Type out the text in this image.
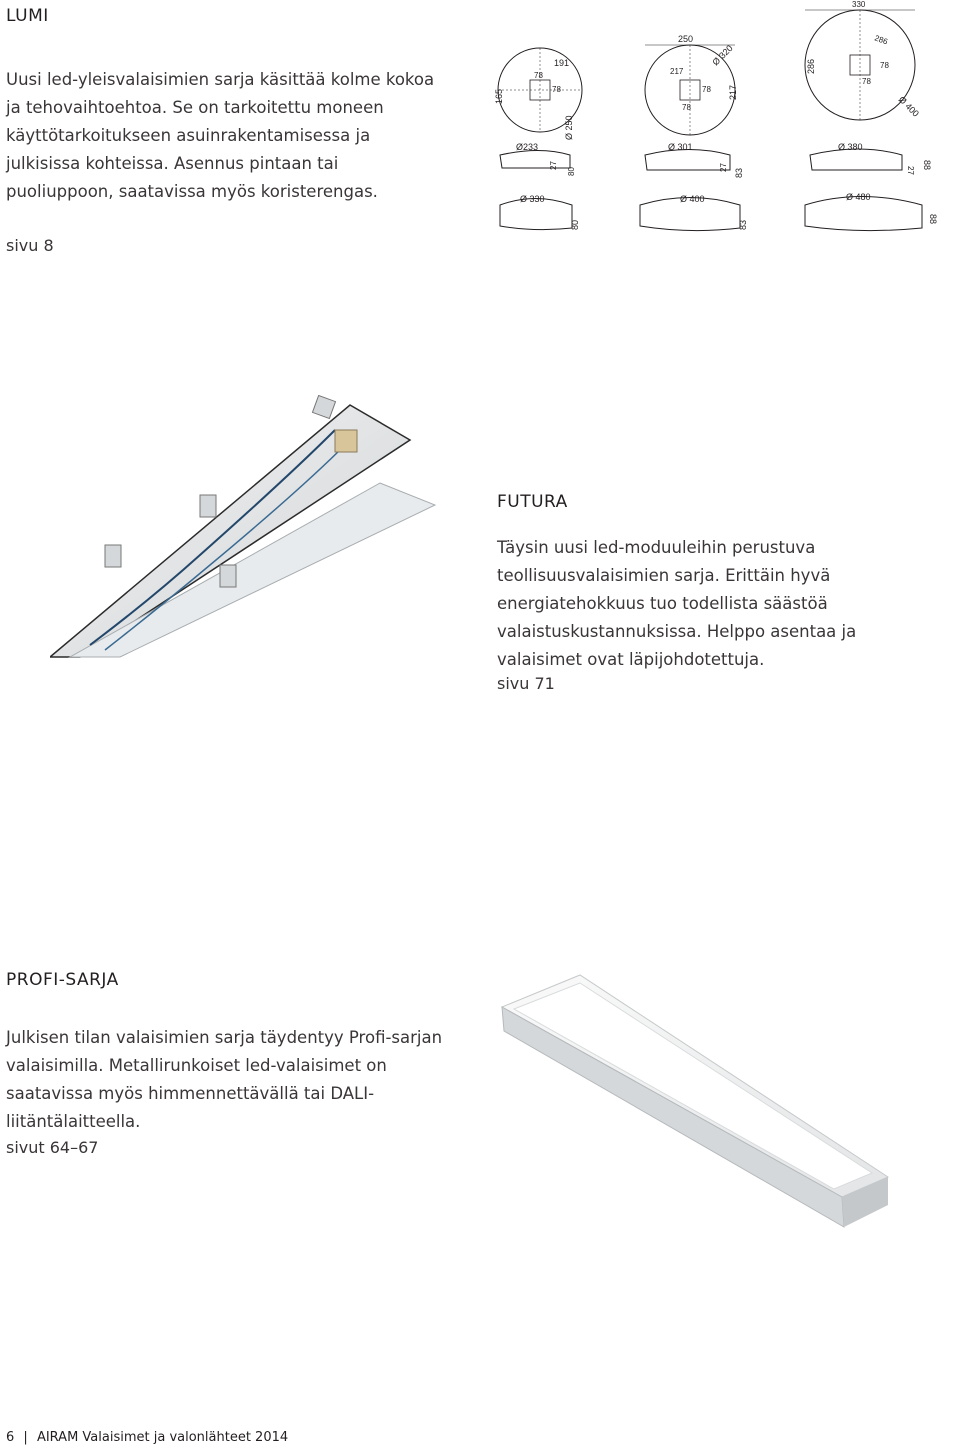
LUMI

Uusi led-yleisvalaisimien sarja käsittää kolme kokoa ja tehovaihtoehtoa. Se on tarkoitettu moneen käyttötarkoitukseen asuinrakentamisessa ja julkisissa kohteissa. Asennus pintaan tai puoliuppoon, saatavissa myös koristerengas.

sivu 8

191
165
78
78
Ø 250
Ø233
27
80
Ø 330
80
250
217
217
78
78
Ø 320
Ø 301
27
83
Ø 400
83
330
286
286
78
78
Ø 400
Ø 380
27
88
Ø 480
88
FUTURA

Täysin uusi led-moduuleihin perustuva teollisuusvalaisimien sarja. Erittäin hyvä energiatehokkuus tuo todellista säästöä valaistuskustannuksissa. Helppo asentaa ja valaisimet ovat läpijohdotettuja.

sivu 71

PROFI-SARJA

Julkisen tilan valaisimien sarja täydentyy Profi-sarjan valaisimilla. Metallirunkoiset led-valaisimet on saatavissa myös himmennettävällä tai DALI-liitäntälaitteella.

sivut 64–67

6 | AIRAM Valaisimet ja valonlähteet 2014
